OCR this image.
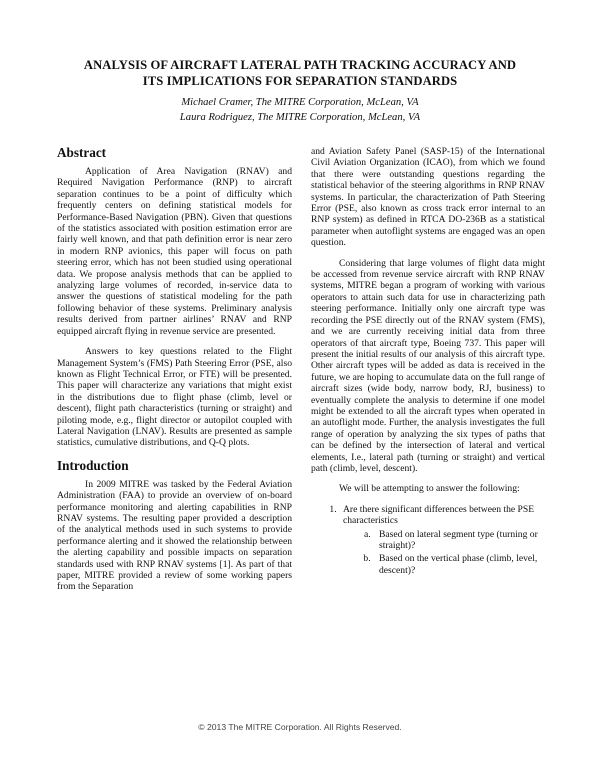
ANALYSIS OF AIRCRAFT LATERAL PATH TRACKING ACCURACY AND
ITS IMPLICATIONS FOR SEPARATION STANDARDS
Michael Cramer, The MITRE Corporation, McLean, VA
Laura Rodriguez, The MITRE Corporation, McLean, VA
Abstract

Application of Area Navigation (RNAV) and Required Navigation Performance (RNP) to aircraft separation continues to be a point of difficulty which frequently centers on defining statistical models for Performance-Based Navigation (PBN). Given that questions of the statistics associated with position estimation error are fairly well known, and that path definition error is near zero in modern RNP avionics, this paper will focus on path steering error, which has not been studied using operational data. We propose analysis methods that can be applied to analyzing large volumes of recorded, in-service data to answer the questions of statistical modeling for the path following behavior of these systems. Preliminary analysis results derived from partner airlines’ RNAV and RNP equipped aircraft flying in revenue service are presented.

Answers to key questions related to the Flight Management System’s (FMS) Path Steering Error (PSE, also known as Flight Technical Error, or FTE) will be presented. This paper will characterize any variations that might exist in the distributions due to flight phase (climb, level or descent), flight path characteristics (turning or straight) and piloting mode, e.g., flight director or autopilot coupled with Lateral Navigation (LNAV). Results are presented as sample statistics, cumulative distributions, and Q-Q plots.

Introduction

In 2009 MITRE was tasked by the Federal Aviation Administration (FAA) to provide an overview of on-board performance monitoring and alerting capabilities in RNP RNAV systems. The resulting paper provided a description of the analytical methods used in such systems to provide performance alerting and it showed the relationship between the alerting capability and possible impacts on separation standards used with RNP RNAV systems [1]. As part of that paper, MITRE provided a review of some working papers from the Separation

and Aviation Safety Panel (SASP-15) of the International Civil Aviation Organization (ICAO), from which we found that there were outstanding questions regarding the statistical behavior of the steering algorithms in RNP RNAV systems. In particular, the characterization of Path Steering Error (PSE, also known as cross track error internal to an RNP system) as defined in RTCA DO-236B as a statistical parameter when autoflight systems are engaged was an open question.

Considering that large volumes of flight data might be accessed from revenue service aircraft with RNP RNAV systems, MITRE began a program of working with various operators to attain such data for use in characterizing path steering performance. Initially only one aircraft type was recording the PSE directly out of the RNAV system (FMS), and we are currently receiving initial data from three operators of that aircraft type, Boeing 737. This paper will present the initial results of our analysis of this aircraft type. Other aircraft types will be added as data is received in the future, we are hoping to accumulate data on the full range of aircraft sizes (wide body, narrow body, RJ, business) to eventually complete the analysis to determine if one model might be extended to all the aircraft types when operated in an autoflight mode. Further, the analysis investigates the full range of operation by analyzing the six types of paths that can be defined by the intersection of lateral and vertical elements, I.e., lateral path (turning or straight) and vertical path (climb, level, descent).

We will be attempting to answer the following:

1. Are there significant differences between the PSE characteristics
a. Based on lateral segment type (turning or straight)?
b. Based on the vertical phase (climb, level, descent)?
© 2013 The MITRE Corporation. All Rights Reserved.
